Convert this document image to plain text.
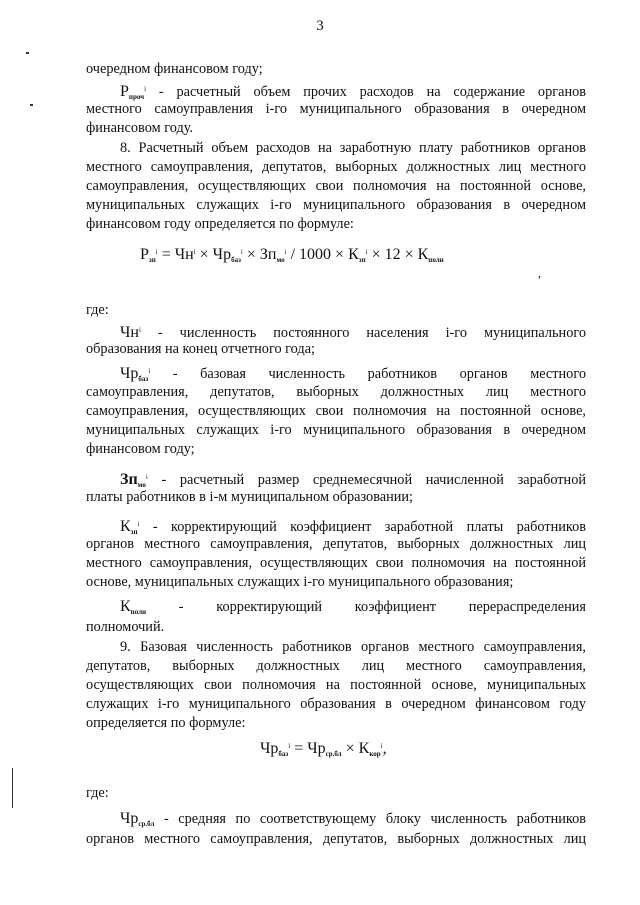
3
очередном финансовом году;
$Р_{проч}^i$ - расчетный объем прочих расходов на содержание органов
местного самоуправления i-го муниципального образования в очередном
финансовом году.
8. Расчетный объем расходов на заработную плату работников органов
местного самоуправления, депутатов, выборных должностных лиц местного
самоуправления, осуществляющих свои полномочия на постоянной основе,
муниципальных служащих i-го муниципального образования в очередном
финансовом году определяется по формуле:
$Р_{зп}^i = Чн^i \times Чр_{баз}^i \times Зп_{мо}^i / 1000 \times К_{зп}^i \times 12 \times К_{полн}$
,
где:
$Чн^i$ - численность постоянного населения i-го муниципального
образования на конец отчетного года;
$Чр_{баз}^i$ - базовая численность работников органов местного
самоуправления, депутатов, выборных должностных лиц местного
самоуправления, осуществляющих свои полномочия на постоянной основе,
муниципальных служащих i-го муниципального образования в очередном
финансовом году;
$Зп_{мо}^i$ - расчетный размер среднемесячной начисленной заработной
платы работников в i-м муниципальном образовании;
$К_{зп}^i$ - корректирующий коэффициент заработной платы работников
органов местного самоуправления, депутатов, выборных должностных лиц
местного самоуправления, осуществляющих свои полномочия на постоянной
основе, муниципальных служащих i-го муниципального образования;
$К_{полн}$ - корректирующий коэффициент перераспределения
полномочий.
9. Базовая численность работников органов местного самоуправления,
депутатов, выборных должностных лиц местного самоуправления,
осуществляющих свои полномочия на постоянной основе, муниципальных
служащих i-го муниципального образования в очередном финансовом году
определяется по формуле:
$Чр_{баз}^i = Чр_{ср.бл} \times К_{кор}^i$,
где:
$Чр_{ср.бл}$ - средняя по соответствующему блоку численность работников
органов местного самоуправления, депутатов, выборных должностных лиц
